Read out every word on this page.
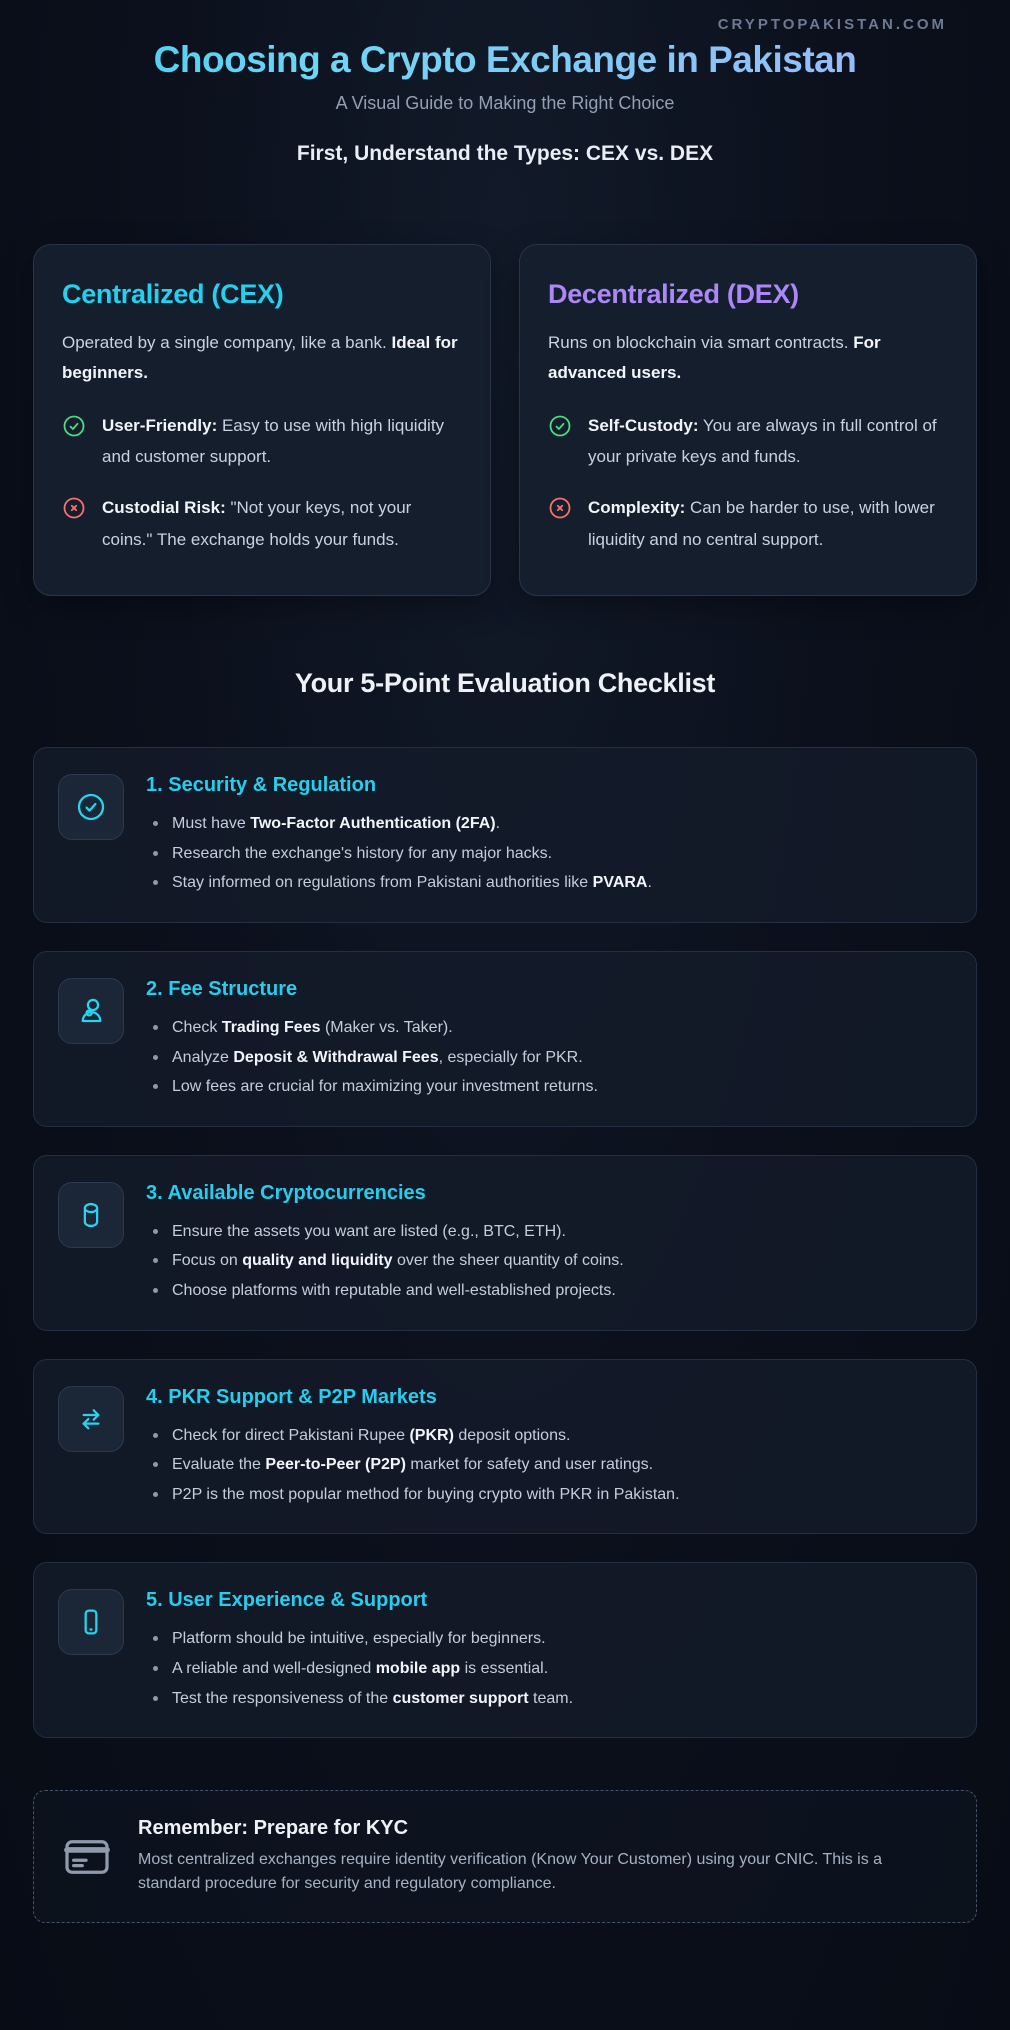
CRYPTOPAKISTAN.COM
Choosing a Crypto Exchange in Pakistan
A Visual Guide to Making the Right Choice
First, Understand the Types: CEX vs. DEX
Centralized (CEX)

Operated by a single company, like a bank. Ideal for beginners.

User-Friendly: Easy to use with high liquidity and customer support.

Custodial Risk: "Not your keys, not your coins." The exchange holds your funds.

Decentralized (DEX)

Runs on blockchain via smart contracts. For advanced users.

Self-Custody: You are always in full control of your private keys and funds.

Complexity: Can be harder to use, with lower liquidity and no central support.

Your 5-Point Evaluation Checklist
1. Security & Regulation
Must have Two-Factor Authentication (2FA).
Research the exchange's history for any major hacks.
Stay informed on regulations from Pakistani authorities like PVARA.
2. Fee Structure
Check Trading Fees (Maker vs. Taker).
Analyze Deposit & Withdrawal Fees, especially for PKR.
Low fees are crucial for maximizing your investment returns.
3. Available Cryptocurrencies
Ensure the assets you want are listed (e.g., BTC, ETH).
Focus on quality and liquidity over the sheer quantity of coins.
Choose platforms with reputable and well-established projects.
4. PKR Support & P2P Markets
Check for direct Pakistani Rupee (PKR) deposit options.
Evaluate the Peer-to-Peer (P2P) market for safety and user ratings.
P2P is the most popular method for buying crypto with PKR in Pakistan.
5. User Experience & Support
Platform should be intuitive, especially for beginners.
A reliable and well-designed mobile app is essential.
Test the responsiveness of the customer support team.
Remember: Prepare for KYC

Most centralized exchanges require identity verification (Know Your Customer) using your CNIC. This is a standard procedure for security and regulatory compliance.
